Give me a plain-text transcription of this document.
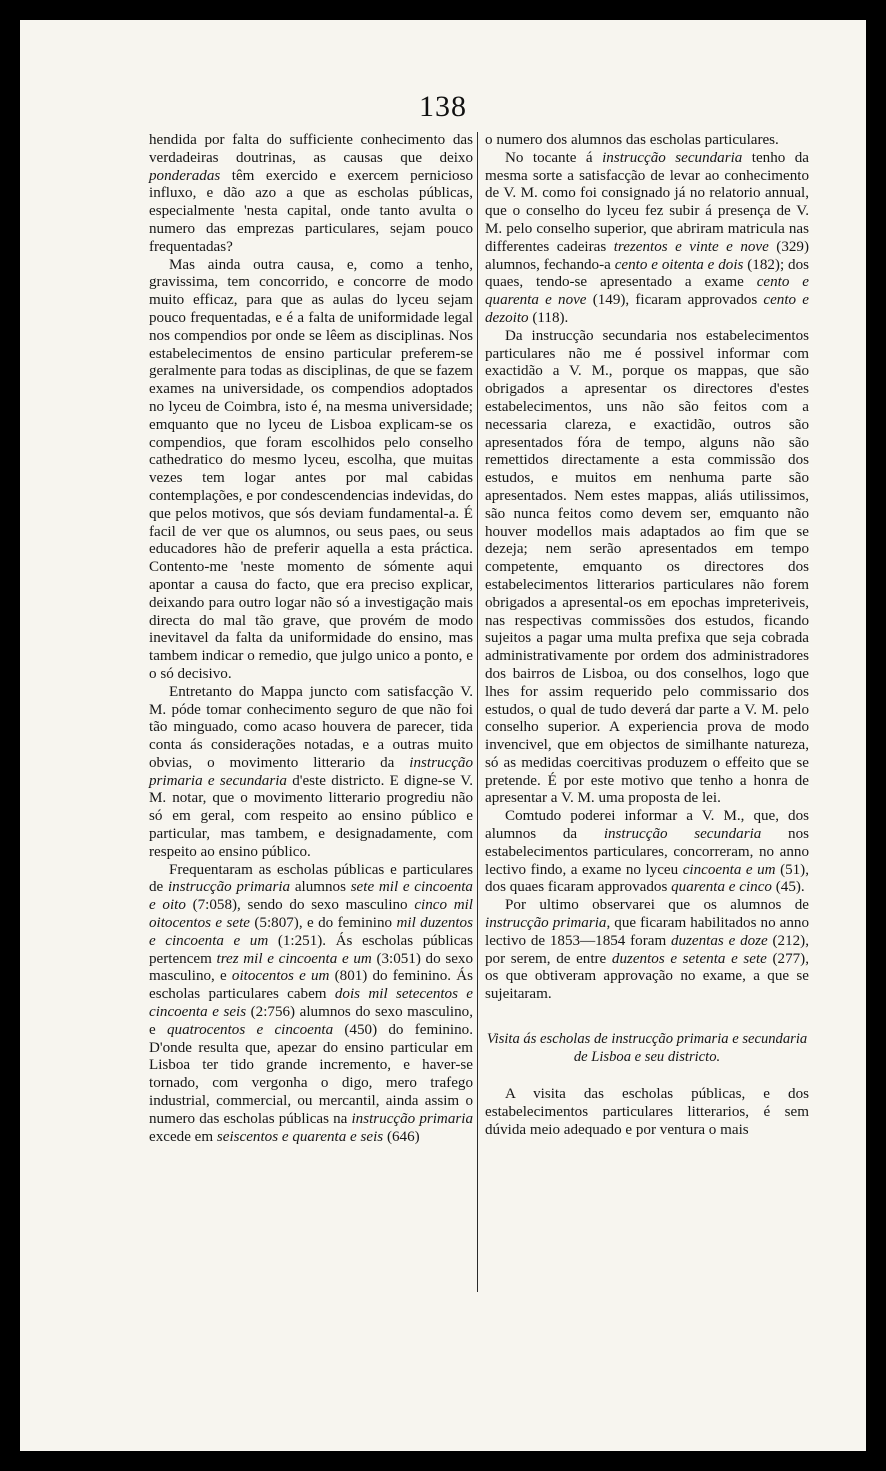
138

hendida por falta do sufficiente conhecimento das verdadeiras doutrinas, as causas que deixo ponderadas têm exercido e exercem pernicioso influxo, e dão azo a que as escholas públicas, especialmente 'nesta capital, onde tanto avulta o numero das emprezas particulares, sejam pouco frequentadas?

Mas ainda outra causa, e, como a tenho, gravissima, tem concorrido, e concorre de modo muito efficaz, para que as aulas do lyceu sejam pouco frequentadas, e é a falta de uniformidade legal nos compendios por onde se lêem as disciplinas. Nos estabelecimentos de ensino particular preferem-se geralmente para todas as disciplinas, de que se fazem exames na universidade, os compendios adoptados no lyceu de Coimbra, isto é, na mesma universidade; emquanto que no lyceu de Lisboa explicam-se os compendios, que foram escolhidos pelo conselho cathedratico do mesmo lyceu, escolha, que muitas vezes tem logar antes por mal cabidas contemplações, e por condescendencias indevidas, do que pelos motivos, que sós deviam fundamental-a. É facil de ver que os alumnos, ou seus paes, ou seus educadores hão de preferir aquella a esta práctica. Contento-me 'neste momento de sómente aqui apontar a causa do facto, que era preciso explicar, deixando para outro logar não só a investigação mais directa do mal tão grave, que provém de modo inevitavel da falta da uniformidade do ensino, mas tambem indicar o remedio, que julgo unico a ponto, e o só decisivo.

Entretanto do Mappa juncto com satisfacção V. M. póde tomar conhecimento seguro de que não foi tão minguado, como acaso houvera de parecer, tida conta ás considerações notadas, e a outras muito obvias, o movimento litterario da instrucção primaria e secundaria d'este districto. E digne-se V. M. notar, que o movimento litterario progrediu não só em geral, com respeito ao ensino público e particular, mas tambem, e designadamente, com respeito ao ensino público.

Frequentaram as escholas públicas e particulares de instrucção primaria alumnos sete mil e cincoenta e oito (7:058), sendo do sexo masculino cinco mil oitocentos e sete (5:807), e do feminino mil duzentos e cincoenta e um (1:251). Ás escholas públicas pertencem trez mil e cincoenta e um (3:051) do sexo masculino, e oitocentos e um (801) do feminino. Ás escholas particulares cabem dois mil setecentos e cincoenta e seis (2:756) alumnos do sexo masculino, e quatrocentos e cincoenta (450) do feminino. D'onde resulta que, apezar do ensino particular em Lisboa ter tido grande incremento, e haver-se tornado, com vergonha o digo, mero trafego industrial, commercial, ou mercantil, ainda assim o numero das escholas públicas na instrucção primaria excede em seiscentos e quarenta e seis (646)

o numero dos alumnos das escholas particulares.

No tocante á instrucção secundaria tenho da mesma sorte a satisfacção de levar ao conhecimento de V. M. como foi consignado já no relatorio annual, que o conselho do lyceu fez subir á presença de V. M. pelo conselho superior, que abriram matricula nas differentes cadeiras trezentos e vinte e nove (329) alumnos, fechando-a cento e oitenta e dois (182); dos quaes, tendo-se apresentado a exame cento e quarenta e nove (149), ficaram approvados cento e dezoito (118).

Da instrucção secundaria nos estabelecimentos particulares não me é possivel informar com exactidão a V. M., porque os mappas, que são obrigados a apresentar os directores d'estes estabelecimentos, uns não são feitos com a necessaria clareza, e exactidão, outros são apresentados fóra de tempo, alguns não são remettidos directamente a esta commissão dos estudos, e muitos em nenhuma parte são apresentados. Nem estes mappas, aliás utilissimos, são nunca feitos como devem ser, emquanto não houver modellos mais adaptados ao fim que se dezeja; nem serão apresentados em tempo competente, emquanto os directores dos estabelecimentos litterarios particulares não forem obrigados a apresental-os em epochas impreteriveis, nas respectivas commissões dos estudos, ficando sujeitos a pagar uma multa prefixa que seja cobrada administrativamente por ordem dos administradores dos bairros de Lisboa, ou dos conselhos, logo que lhes for assim requerido pelo commissario dos estudos, o qual de tudo deverá dar parte a V. M. pelo conselho superior. A experiencia prova de modo invencivel, que em objectos de similhante natureza, só as medidas coercitivas produzem o effeito que se pretende. É por este motivo que tenho a honra de apresentar a V. M. uma proposta de lei.

Comtudo poderei informar a V. M., que, dos alumnos da instrucção secundaria nos estabelecimentos particulares, concorreram, no anno lectivo findo, a exame no lyceu cincoenta e um (51), dos quaes ficaram approvados quarenta e cinco (45).

Por ultimo observarei que os alumnos de instrucção primaria, que ficaram habilitados no anno lectivo de 1853—1854 foram duzentas e doze (212), por serem, de entre duzentos e setenta e sete (277), os que obtiveram approvação no exame, a que se sujeitaram.

Visita ás escholas de instrucção primaria e secundaria de Lisboa e seu districto.

A visita das escholas públicas, e dos estabelecimentos particulares litterarios, é sem dúvida meio adequado e por ventura o mais
